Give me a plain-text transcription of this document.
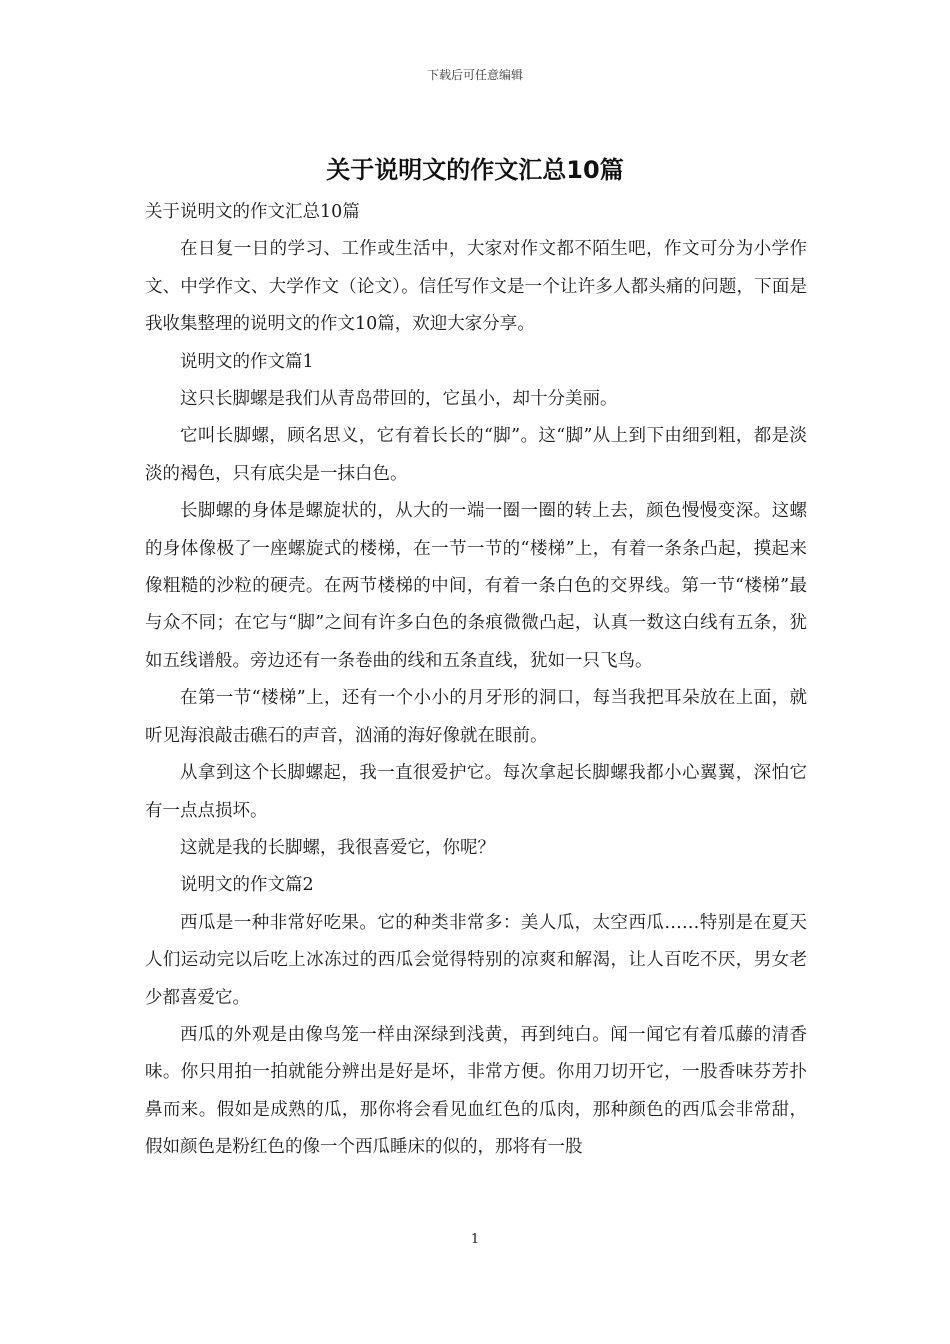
下载后可任意编辑
关于说明文的作文汇总10篇

关于说明文的作文汇总10篇

在日复一日的学习、工作或生活中，大家对作文都不陌生吧，作文可分为小学作文、中学作文、大学作文（论文）。信任写作文是一个让许多人都头痛的问题，下面是我收集整理的说明文的作文10篇，欢迎大家分享。

说明文的作文篇1

这只长脚螺是我们从青岛带回的，它虽小，却十分美丽。

它叫长脚螺，顾名思义，它有着长长的“脚”。这“脚”从上到下由细到粗，都是淡淡的褐色，只有底尖是一抹白色。

长脚螺的身体是螺旋状的，从大的一端一圈一圈的转上去，颜色慢慢变深。这螺的身体像极了一座螺旋式的楼梯，在一节一节的“楼梯”上，有着一条条凸起，摸起来像粗糙的沙粒的硬壳。在两节楼梯的中间，有着一条白色的交界线。第一节“楼梯”最与众不同；在它与“脚”之间有许多白色的条痕微微凸起，认真一数这白线有五条，犹如五线谱般。旁边还有一条卷曲的线和五条直线，犹如一只飞鸟。

在第一节“楼梯”上，还有一个小小的月牙形的洞口，每当我把耳朵放在上面，就听见海浪敲击礁石的声音，汹涌的海好像就在眼前。

从拿到这个长脚螺起，我一直很爱护它。每次拿起长脚螺我都小心翼翼，深怕它有一点点损坏。

这就是我的长脚螺，我很喜爱它，你呢？

说明文的作文篇2

西瓜是一种非常好吃果。它的种类非常多：美人瓜，太空西瓜……特别是在夏天人们运动完以后吃上冰冻过的西瓜会觉得特别的凉爽和解渴，让人百吃不厌，男女老少都喜爱它。

西瓜的外观是由像鸟笼一样由深绿到浅黄，再到纯白。闻一闻它有着瓜藤的清香味。你只用拍一拍就能分辨出是好是坏，非常方便。你用刀切开它，一股香味芬芳扑鼻而来。假如是成熟的瓜，那你将会看见血红色的瓜肉，那种颜色的西瓜会非常甜，假如颜色是粉红色的像一个西瓜睡床的似的，那将有一股

1
